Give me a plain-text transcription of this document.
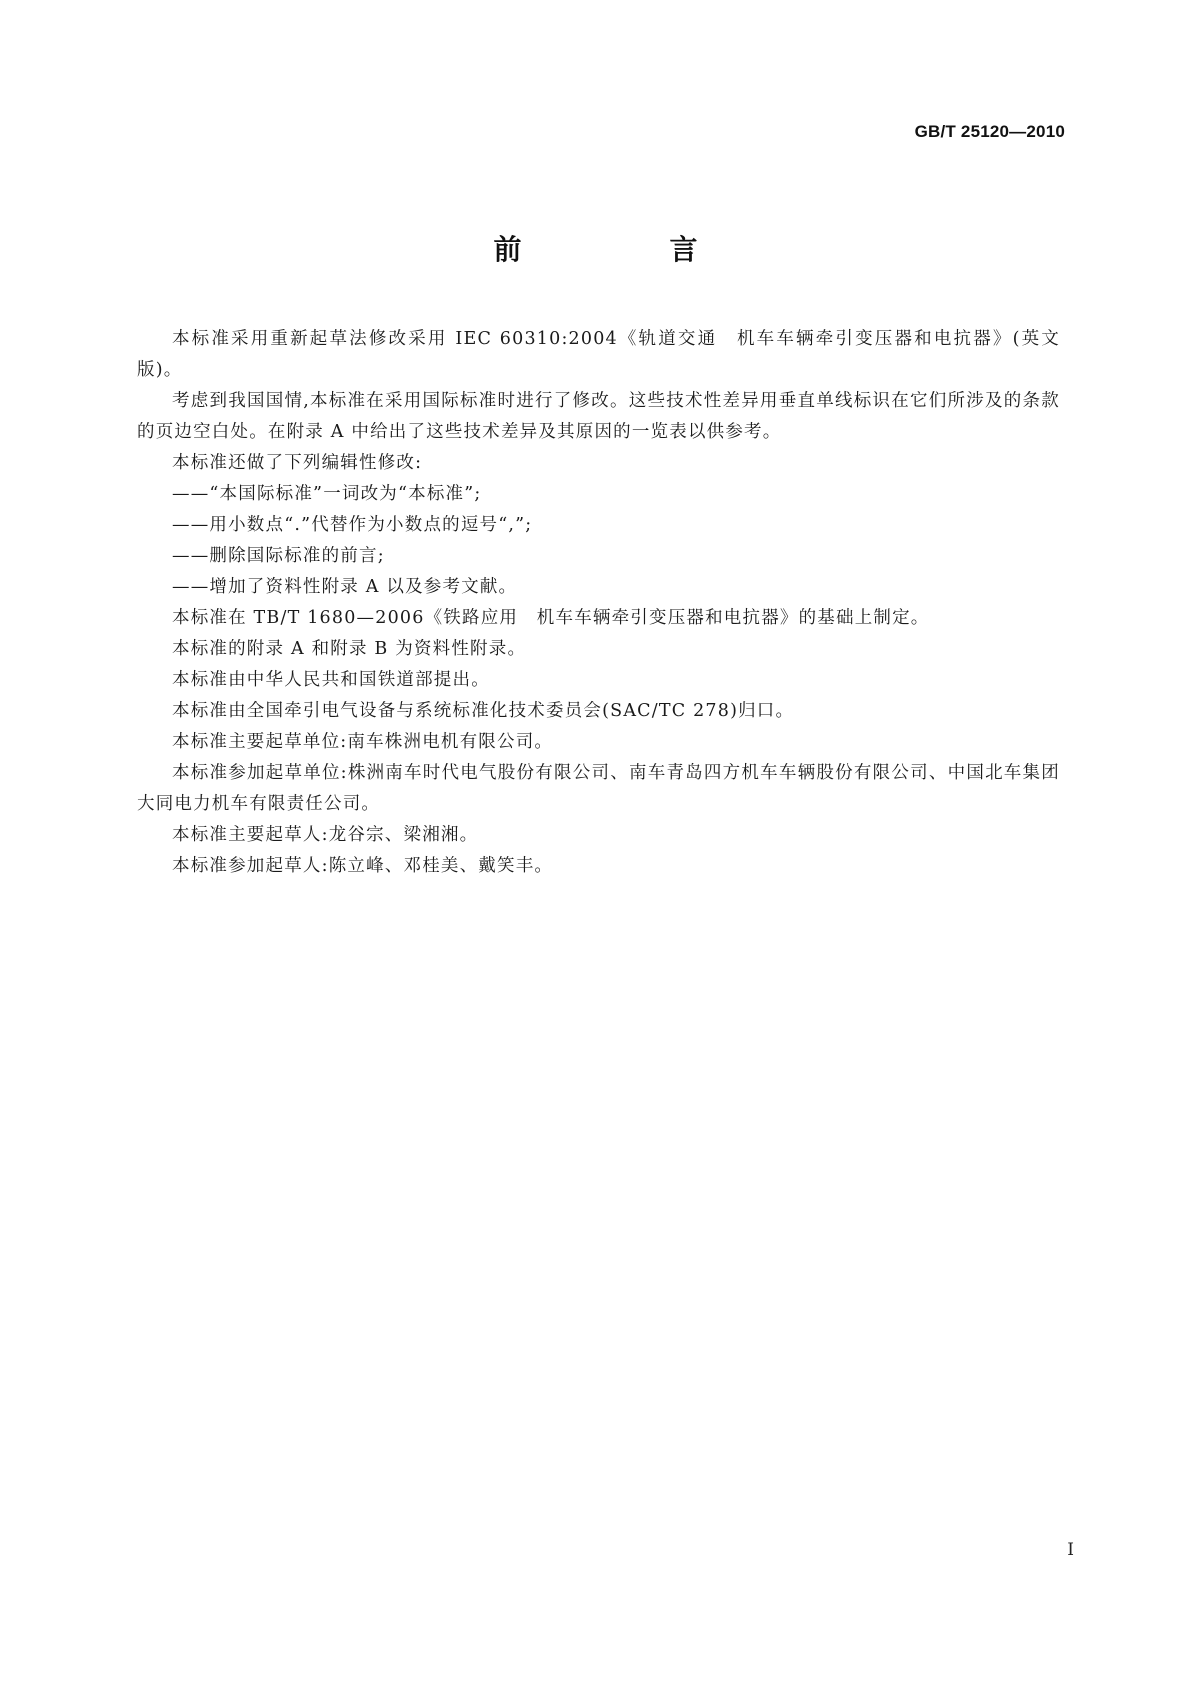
GB/T 25120—2010
前　言

本标准采用重新起草法修改采用 IEC 60310:2004《轨道交通　机车车辆牵引变压器和电抗器》(英文版)。

考虑到我国国情,本标准在采用国际标准时进行了修改。这些技术性差异用垂直单线标识在它们所涉及的条款的页边空白处。在附录 A 中给出了这些技术差异及其原因的一览表以供参考。

本标准还做了下列编辑性修改:

——“本国际标准”一词改为“本标准”;

——用小数点“.”代替作为小数点的逗号“,”;

——删除国际标准的前言;

——增加了资料性附录 A 以及参考文献。

本标准在 TB/T 1680—2006《铁路应用　机车车辆牵引变压器和电抗器》的基础上制定。

本标准的附录 A 和附录 B 为资料性附录。

本标准由中华人民共和国铁道部提出。

本标准由全国牵引电气设备与系统标准化技术委员会(SAC/TC 278)归口。

本标准主要起草单位:南车株洲电机有限公司。

本标准参加起草单位:株洲南车时代电气股份有限公司、南车青岛四方机车车辆股份有限公司、中国北车集团大同电力机车有限责任公司。

本标准主要起草人:龙谷宗、梁湘湘。

本标准参加起草人:陈立峰、邓桂美、戴笑丰。

I
